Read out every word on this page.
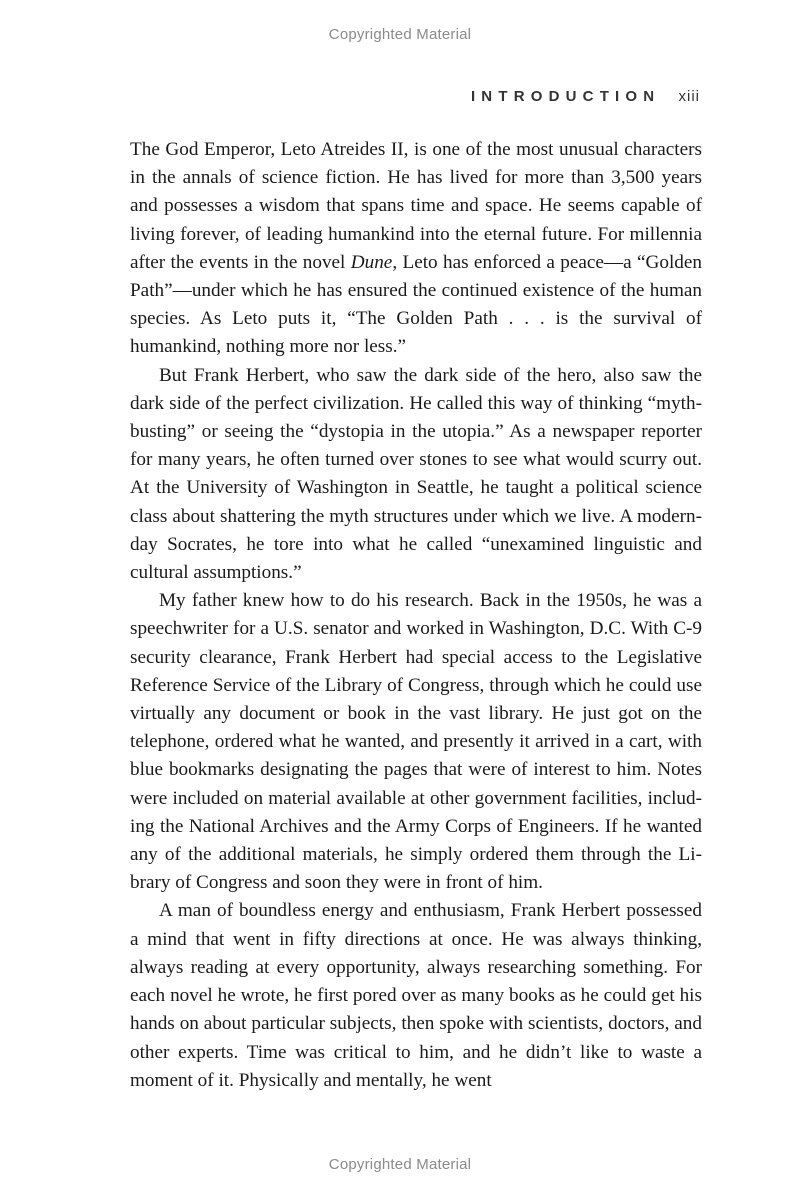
Copyrighted Material
INTRODUCTION xiii

The God Emperor, Leto Atreides II, is one of the most unusual characters in the annals of science fiction. He has lived for more than 3,500 years and possesses a wisdom that spans time and space. He seems capable of living forever, of leading humankind into the eternal future. For millennia after the events in the novel Dune, Leto has enforced a peace—a “Golden Path”—under which he has ensured the continued existence of the human species. As Leto puts it, “The Golden Path . . . is the survival of humankind, nothing more nor less.”

But Frank Herbert, who saw the dark side of the hero, also saw the dark side of the perfect civilization. He called this way of thinking “myth-busting” or seeing the “dystopia in the utopia.” As a newspaper reporter for many years, he often turned over stones to see what would scurry out. At the University of Washington in Seattle, he taught a political science class about shattering the myth structures under which we live. A modern-day Socrates, he tore into what he called “unexamined linguistic and cultural assumptions.”

My father knew how to do his research. Back in the 1950s, he was a speechwriter for a U.S. senator and worked in Washington, D.C. With C-9 security clearance, Frank Herbert had special access to the Legislative Reference Service of the Library of Congress, through which he could use virtually any document or book in the vast library. He just got on the telephone, ordered what he wanted, and presently it arrived in a cart, with blue bookmarks designating the pages that were of interest to him. Notes were included on material available at other government facilities, including the National Archives and the Army Corps of Engineers. If he wanted any of the additional materials, he simply ordered them through the Library of Congress and soon they were in front of him.

A man of boundless energy and enthusiasm, Frank Herbert possessed a mind that went in fifty directions at once. He was always thinking, always reading at every opportunity, always researching something. For each novel he wrote, he first pored over as many books as he could get his hands on about particular subjects, then spoke with scientists, doctors, and other experts. Time was critical to him, and he didn’t like to waste a moment of it. Physically and mentally, he went

Copyrighted Material
